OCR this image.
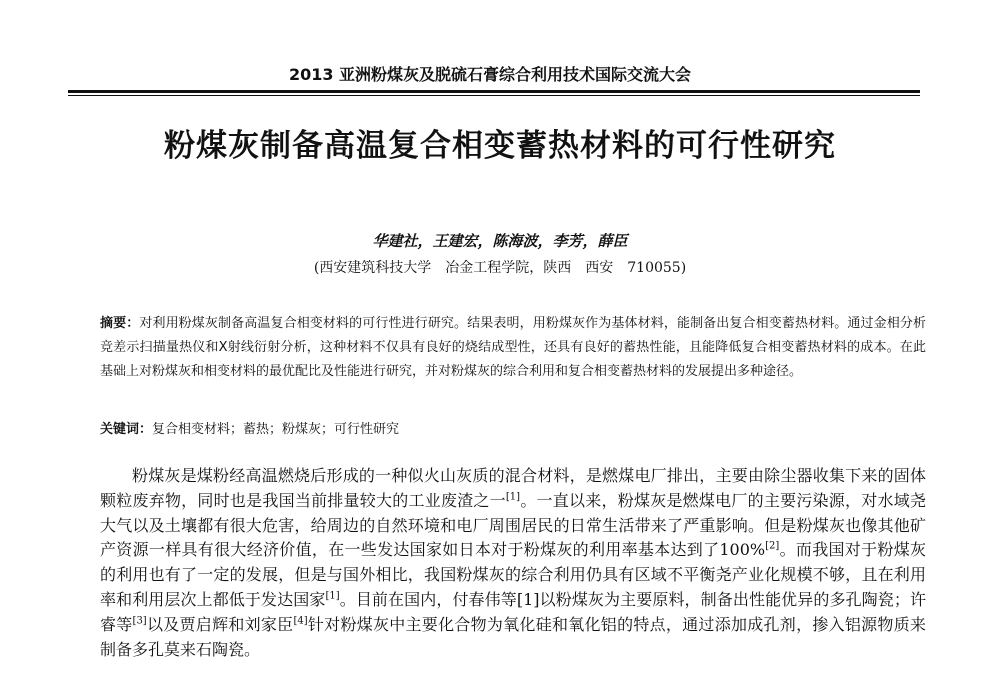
2013 亚洲粉煤灰及脱硫石膏综合利用技术国际交流大会
粉煤灰制备高温复合相变蓄热材料的可行性研究
华建社，王建宏，陈海波，李芳，薛臣
(西安建筑科技大学　冶金工程学院，陕西　西安　710055)
摘要：对利用粉煤灰制备高温复合相变材料的可行性进行研究。结果表明，用粉煤灰作为基体材料，能制备出复合相变蓄热材料。通过金相分析竞差示扫描量热仪和X射线衍射分析，这种材料不仅具有良好的烧结成型性，还具有良好的蓄热性能，且能降低复合相变蓄热材料的成本。在此基础上对粉煤灰和相变材料的最优配比及性能进行研究，并对粉煤灰的综合利用和复合相变蓄热材料的发展提出多种途径。
关键词：复合相变材料；蓄热；粉煤灰；可行性研究

粉煤灰是煤粉经高温燃烧后形成的一种似火山灰质的混合材料，是燃煤电厂排出，主要由除尘器收集下来的固体颗粒废弃物，同时也是我国当前排量较大的工业废渣之一[1]。一直以来，粉煤灰是燃煤电厂的主要污染源，对水域尧大气以及土壤都有很大危害，给周边的自然环境和电厂周围居民的日常生活带来了严重影响。但是粉煤灰也像其他矿产资源一样具有很大经济价值，在一些发达国家如日本对于粉煤灰的利用率基本达到了100%[2]。而我国对于粉煤灰的利用也有了一定的发展，但是与国外相比，我国粉煤灰的综合利用仍具有区域不平衡尧产业化规模不够，且在利用率和利用层次上都低于发达国家[1]。目前在国内，付春伟等[1]以粉煤灰为主要原料，制备出性能优异的多孔陶瓷；许睿等[3]以及贾启辉和刘家臣[4]针对粉煤灰中主要化合物为氧化硅和氧化铝的特点，通过添加成孔剂，掺入铝源物质来制备多孔莫来石陶瓷。
